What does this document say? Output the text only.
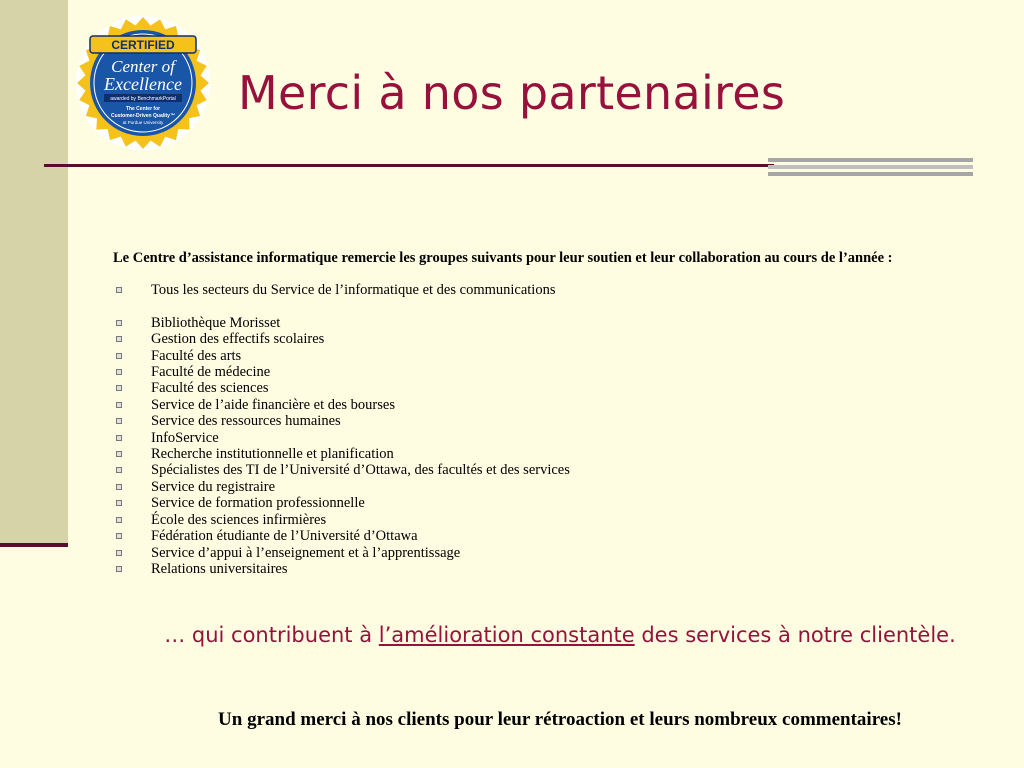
CERTIFIED
Center of
Excellence
awarded by BenchmarkPortal
The Center for
Customer-Driven Quality™
at Purdue University
Merci à nos partenaires

Le Centre d’assistance informatique remercie les groupes suivants pour leur soutien et leur collaboration au cours de l’année :

Tous les secteurs du Service de l’informatique et des communications
Bibliothèque Morisset
Gestion des effectifs scolaires
Faculté des arts
Faculté de médecine
Faculté des sciences
Service de l’aide financière et des bourses
Service des ressources humaines
InfoService
Recherche institutionnelle et planification
Spécialistes des TI de l’Université d’Ottawa, des facultés et des services
Service du registraire
Service de formation professionnelle
École des sciences infirmières
Fédération étudiante de l’Université d’Ottawa
Service d’appui à l’enseignement et à l’apprentissage
Relations universitaires
… qui contribuent à l’amélioration constante des services à notre clientèle.
Un grand merci à nos clients pour leur rétroaction et leurs nombreux commentaires!
